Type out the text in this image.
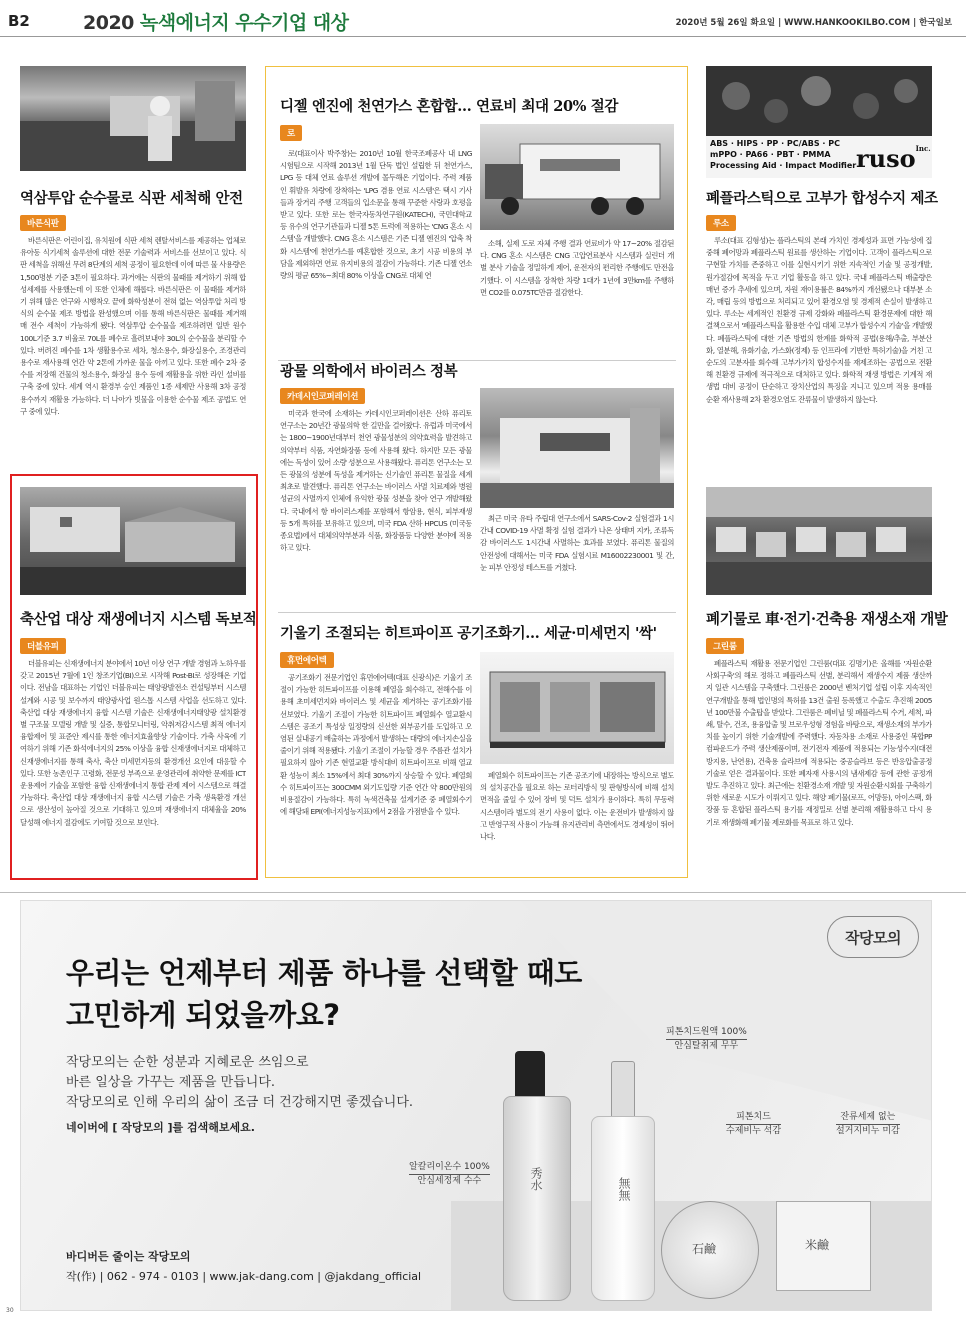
B2	2020 녹색에너지 우수기업 대상	2020년 5월 26일 화요일 | WWW.HANKOOKILBO.COM | 한국일보
역삼투압 순수물로 식판 세척해 안전
바른식판

바른식판은 어린이집, 유치원에 식판 세척 렌탈서비스를 제공하는 업체로 유아동 식기세척 솔루션에 대한 전문 기술력과 서비스를 선보이고 있다. 식판 세척을 위해선 무려 8단계의 세척 공정이 필요한데 이에 따른 물 사용량은 1,500명분 기준 3톤이 필요하다. 과거에는 식판의 물때를 제거하기 위해 합성세제를 사용했는데 이 또한 인체에 해롭다. 바른식판은 이 물때를 제거하기 위해 많은 연구와 시행착오 끝에 화학성분이 전혀 없는 역삼투압 처리 방식의 순수물 제조 방법을 완성했으며 이를 통해 바른식판은 물때를 제거해 매 전수 세척이 가능하게 됐다. 역삼투압 순수물을 제조하려면 일반 원수 100L기준 3.7 비율로 70L를 폐수로 흘려보내야 30L의 순수물을 분리할 수 있다. 버려진 폐수를 1차 생활용수로 세차, 청소용수, 화장실용수, 조경관리용수로 재사용해 연간 약 2톤에 가까운 물을 아끼고 있다. 또한 폐수 2차 중수를 저장해 건물의 청소용수, 화장실 용수 등에 재활용을 위한 라인 설비를 구축 중에 있다. 세계 역시 환경부 승인 제품인 1종 세제만 사용해 3차 공정용수까지 재활용 가능하다. 더 나아가 빗물을 이용한 순수물 제조 공법도 연구 중에 있다.

축산업 대상 재생에너지 시스템 독보적
더블유피

더블유피는 신재생에너지 분야에서 10년 이상 연구 개발 경험과 노하우를 갖고 2015년 7월에 1인 창조기업(BI)으로 시작해 Post-BI로 성장해온 기업이다. 전남을 대표하는 기업인 더블유피는 태양광발전소 컨설팅부터 시스템 설계와 시공 및 보수까지 태양광사업 원스톱 시스템 사업을 선도하고 있다. 축산업 대상 재생에너지 융합 시스템 기술은 신재생에너지태양광 설치환경별 구조물 모델링 개발 및 실증, 통합모니터링, 악취저감시스템 최적 에너지 융합제어 및 표준안 제시를 통한 에너지효율향상 기술이다. 가축 사육에 기여하기 위해 기존 화석에너지의 25% 이상을 융합 신재생에너지로 대체하고 신재생에너지를 통해 축사, 축산 미세먼지등의 환경개선 요인에 대응할 수 있다. 또한 농촌인구 고령화, 전문성 부족으로 운영관리에 취약한 문제를 ICT 운용제어 기술을 포함한 융합 신재생에너지 통합 관제 제어 시스템으로 해결 가능하다. 축산업 대상 재생에너지 융합 시스템 기술은 가축 생육환경 개선으로 생산성이 높아질 것으로 기대하고 있으며 재생에너지 대체율을 20% 달성해 에너지 절감에도 기여할 것으로 보인다.

디젤 엔진에 천연가스 혼합합… 연료비 최대 20% 절감
로

로(대표이사 박주창)는 2010년 10월 한국조폐공사 내 LNG 시험팀으로 시작해 2013년 1월 단독 법인 설립한 뒤 천연가스, LPG 등 대체 연료 솔루션 개발에 몰두해온 기업이다. 주력 제품인 휘발유 차량에 장착하는 'LPG 겸용 연료 시스템'은 택시 기사들과 장거리 주행 고객들의 입소문을 통해 꾸준한 사랑과 호평을 받고 있다. 또한 로는 한국자동차연구원(KATECH), 국민대학교 등 유수의 연구기관들과 디젤 5톤 트럭에 적용하는 'CNG 혼소 시스템'을 개발했다. CNG 혼소 시스템은 기존 디젤 엔진의 '압축 착화 시스템'에 천연가스를 예혼합한 것으로, 초기 시공 비용의 부담을 제외하면 연료 유지비용의 절감이 가능하다. 기존 디젤 연소량의 평균 65%~최대 80% 이상을 CNG로 대체 연

소해, 실제 도로 자체 주행 결과 연료비가 약 17~20% 절감된다. CNG 혼소 시스템은 CNG 고압연료분사 시스템과 실린더 개별 분사 기술을 정밀하게 제어, 운전자의 편리한 주행에도 만전을 기했다. 이 시스템을 장착한 차량 1대가 1년에 3만km를 주행하면 CO2를 0.075TC만큼 절감한다.

광물 의학에서 바이러스 정복
카데시인코퍼레이션

미국과 한국에 소재하는 카데시인코퍼레이션은 산하 퓨리토 연구소는 20년간 광물의학 한 길만을 걸어왔다. 유럽과 미국에서는 1800~1900년대부터 천연 광물성분의 의약효력을 발견하고 의약부터 식품, 자연화장품 등에 사용해 왔다. 하지만 모든 광물에는 독성이 있어 소량 성분으로 사용해왔다. 퓨리톤 연구소는 모든 광물의 성분에 독성을 제거하는 신기술인 퓨리톤 물질을 세계 최초로 발견했다. 퓨리톤 연구소는 바이러스 사멸 치료제와 병원성균의 사멸까지 인체에 유익한 광물 성분을 찾아 연구 개발해왔다. 국내에서 항 바이러스제를 포함해서 항암용, 현식, 피부재생 등 5개 특허를 보유하고 있으며, 미국 FDA 산하 HPCUS (미국동종요법)에서 대체의약부분과 식품, 화장품등 다양한 분야에 적용하고 있다.

최근 미국 유타 주립대 연구소에서 SARS-Cov-2 실험결과 1시간내 COVID-19 사멸 확정 실험 결과가 나온 상태며 지카, 조류독감 바이러스도 1시간내 사멸하는 효과를 보였다. 퓨리톤 물질의 안전성에 대해서는 미국 FDA 실험시료 M16002230001 및 간, 눈 피부 안정성 테스트를 거쳤다.

기울기 조절되는 히트파이프 공기조화기… 세균·미세먼지 '싹'
휴먼에어텍

공기조화기 전문기업인 휴먼에어텍(대표 신광식)은 기울기 조절이 가능한 히트파이프를 이용해 폐열을 회수하고, 전해수를 이용해 초미세먼지와 바이러스 및 세균을 제거하는 공기조화기를 선보였다. 기울기 조절이 가능한 히트파이프 폐열회수 열교환시스템은 공조기 특성상 일정량의 신선한 외부공기를 도입하고 오염된 실내공기 배출하는 과정에서 발생하는 대량의 에너지손실을 줄이기 위해 적용됐다. 기울기 조절이 가능할 경우 주름관 설치가 필요하지 않아 기존 현열교환 방식대비 히트파이프로 비해 열교환 성능이 최소 15%에서 최대 30%까지 상승할 수 있다. 폐열회수 히트파이프는 300CMM 외기도입량 기준 연간 약 800만원의 비용절감이 가능하다. 특히 녹색건축물 설계기준 중 폐열회수기에 해당돼 EPI(에너지성능지표)에서 2점을 가점받을 수 있다.

폐열회수 히트파이프는 기존 공조기에 내장하는 방식으로 별도의 설치공간을 필요로 하는 로터리방식 및 판형방식에 비해 설치면적을 줄일 수 있어 장비 및 덕트 설치가 용이하다. 특히 무동력 시스템이라 별도의 전기 사용이 없다. 이는 운전비가 발생하지 않고 반영구적 사용이 가능해 유지관리비 측면에서도 경제성이 뛰어나다.

ABS · HIPS · PP · PC/ABS · PC
mPPO · PA66 · PBT · PMMA
Processing Aid · Impact Modifier ruso$^{Inc.}$
폐플라스틱으로 고부가 합성수지 제조
루소

루소(대표 김형성)는 플라스틱의 본래 가치인 경제성과 표면 가능성에 집중해 폐어망과 폐플라스틱 원료를 생산하는 기업이다. 고객이 플라스틱으로 구현할 가치를 존중하고 이를 실현시키기 위한 지속적인 기술 및 공정개발, 원가절감에 목적을 두고 기업 활동을 하고 있다. 국내 폐플라스틱 배출량은 매년 증가 추세에 있으며, 자원 재이용률은 84%까지 개선됐으나 대부분 소각, 매립 등의 방법으로 처리되고 있어 환경오염 및 경제적 손실이 발생하고 있다. 루소는 세계적인 친환경 규제 강화와 폐플라스틱 환경문제에 대한 해결책으로서 '폐플라스틱을 활용한 수입 대체 고부가 합성수지 기술'을 개발했다. 폐플라스틱에 대한 기존 방법의 한계를 화학적 공법(용해/추출, 부분산화, 열분해, 유화기술, 가스화(정제) 등 인프라에 기반한 특허기술)을 거친 고순도의 고분자를 회수해 고부가가치 합성수지를 재제조하는 공법으로 전환해 친환경 규제에 적극적으로 대처하고 있다. 화학적 재생 방법은 기계적 재생법 대비 공정이 단순하고 장치산업의 특징을 지니고 있으며 적용 용매를 순환 재사용해 2차 환경오염도 잔류물이 발생하지 않는다.

폐기물로 車·전기·건축용 재생소재 개발
그린룸

폐플라스틱 재활용 전문기업인 그린룸(대표 김명기)은 올해를 '자원순환사회구축'의 해로 정하고 폐플라스틱 선별, 분리해서 재생수지 제품 생산까지 일관 시스템을 구축했다. 그린룸은 2000년 벤처기업 설립 이후 지속적인 연구개발을 통해 법인명의 특허를 13건 출원 등록했고 수출도 추진해 2005년 100만불 수출탑을 받았다. 그린룸은 폐비닐 및 폐플라스틱 수거, 세척, 파쇄, 탈수, 건조, 용융압출 및 브로우성형 경험을 바탕으로, 재생소재의 부가가치를 높이기 위한 기술개발에 주력했다. 자동차용 소재로 사용중인 복합PP 컴파운드가 주력 생산제품이며, 전기전자 제품에 적용되는 기능성수지(대전방지용, 난연용), 건축용 슬라브에 적용되는 중공슬라브 등은 반응압출공정기술로 얻은 결과물이다. 또한 폐자재 사용시의 냄새제감 등에 관한 공정개발도 추진하고 있다. 최근에는 친환경소재 개발 및 자원순환시회를 구축하기 위한 새로운 시도가 이뤄지고 있다. 해양 폐기물(로프, 어망등), 아이스팩, 화장품 등 혼합된 플라스틱 용기를 재정밀로 선별 분리해 재활용하고 다시 용기로 재생화해 폐기물 제로화를 목표로 하고 있다.

작당모의
우리는 언제부터 제품 하나를 선택할 때도
고민하게 되었을까요?
작당모의는 순한 성분과 지혜로운 쓰임으로
바른 일상을 가꾸는 제품을 만듭니다.
작당모의로 인해 우리의 삶이 조금 더 건강해지면 좋겠습니다.
네이버에 [ 작당모의 ]를 검색해보세요.
바디버든 줄이는 작당모의
작(作) | 062 - 974 - 0103 | www.jak-dang.com | @jakdang_official
秀水	無無
石鹼	米鹼
피톤치드원액 100%
안심탈취제 무무
피톤치드
수제비누 석감
잔류세제 없는
설거지비누 미감
알칼리이온수 100%
안심세정제 수수
30
